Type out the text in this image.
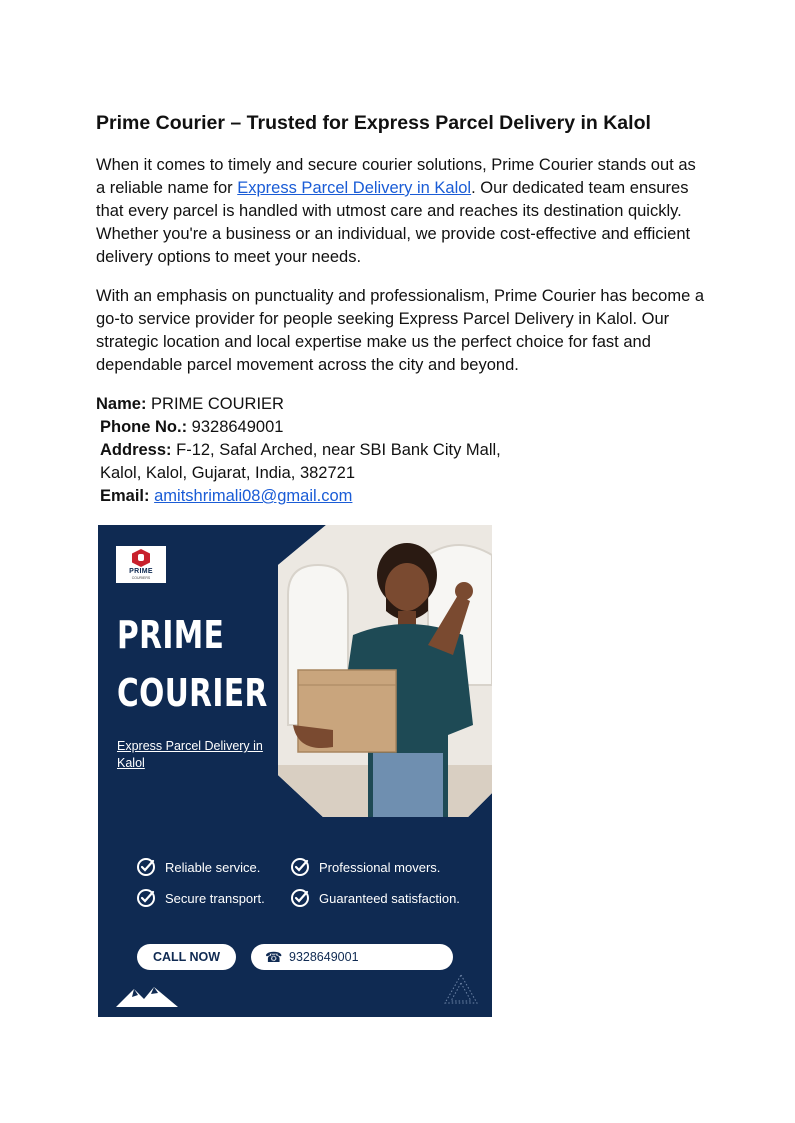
Prime Courier – Trusted for Express Parcel Delivery in Kalol

When it comes to timely and secure courier solutions, Prime Courier stands out as a reliable name for Express Parcel Delivery in Kalol. Our dedicated team ensures that every parcel is handled with utmost care and reaches its destination quickly. Whether you're a business or an individual, we provide cost-effective and efficient delivery options to meet your needs.

With an emphasis on punctuality and professionalism, Prime Courier has become a go-to service provider for people seeking Express Parcel Delivery in Kalol. Our strategic location and local expertise make us the perfect choice for fast and dependable parcel movement across the city and beyond.

Name: PRIME COURIER
Phone No.: 9328649001
Address: F-12, Safal Arched, near SBI Bank City Mall,
Kalol, Kalol, Gujarat, India, 382721
Email: amitshrimali08@gmail.com
PRIME
COURIERS
PRIME
COURIER
Express Parcel Delivery in Kalol
Reliable service.	Professional movers.
Secure transport.	Guaranteed satisfaction.
CALL NOW	☎ 9328649001
